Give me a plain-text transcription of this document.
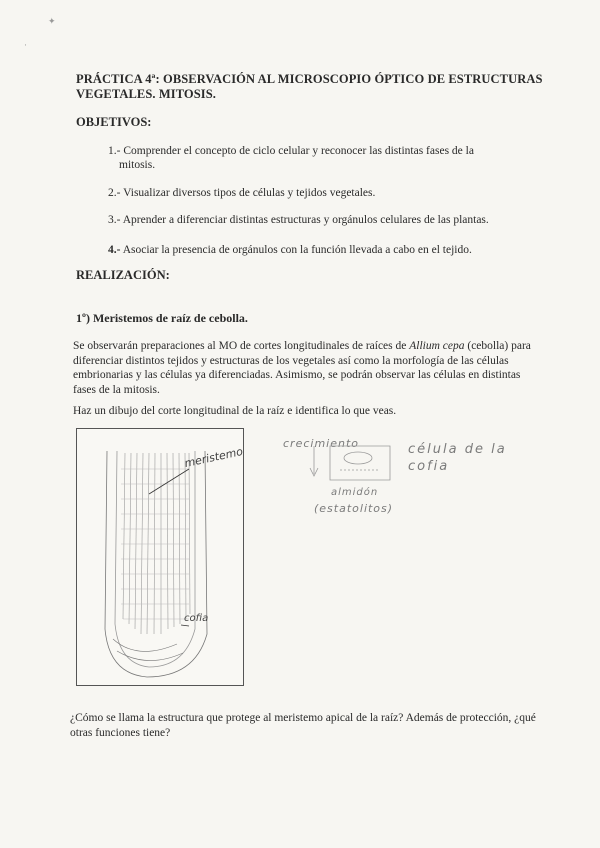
✦
·
PRÁCTICA 4ª: OBSERVACIÓN AL MICROSCOPIO ÓPTICO DE ESTRUCTURAS VEGETALES. MITOSIS.
OBJETIVOS:
1.- Comprender el concepto de ciclo celular y reconocer las distintas fases de la
mitosis.
2.- Visualizar diversos tipos de células y tejidos vegetales.
3.- Aprender a diferenciar distintas estructuras y orgánulos celulares de las plantas.
4.- Asociar la presencia de orgánulos con la función llevada a cabo en el tejido.
REALIZACIÓN:
1º) Meristemos de raíz de cebolla.
Se observarán preparaciones al MO de cortes longitudinales de raíces de Allium cepa (cebolla) para diferenciar distintos tejidos y estructuras de los vegetales así como la morfología de las células embrionarias y las células ya diferenciadas. Asimismo, se podrán observar las células en distintas fases de la mitosis.
Haz un dibujo del corte longitudinal de la raíz e identifica lo que veas.
meristemo
cofia
crecimiento	célula de la cofia
almidón
(estatolitos)
¿Cómo se llama la estructura que protege al meristemo apical de la raíz? Además de protección, ¿qué otras funciones tiene?
